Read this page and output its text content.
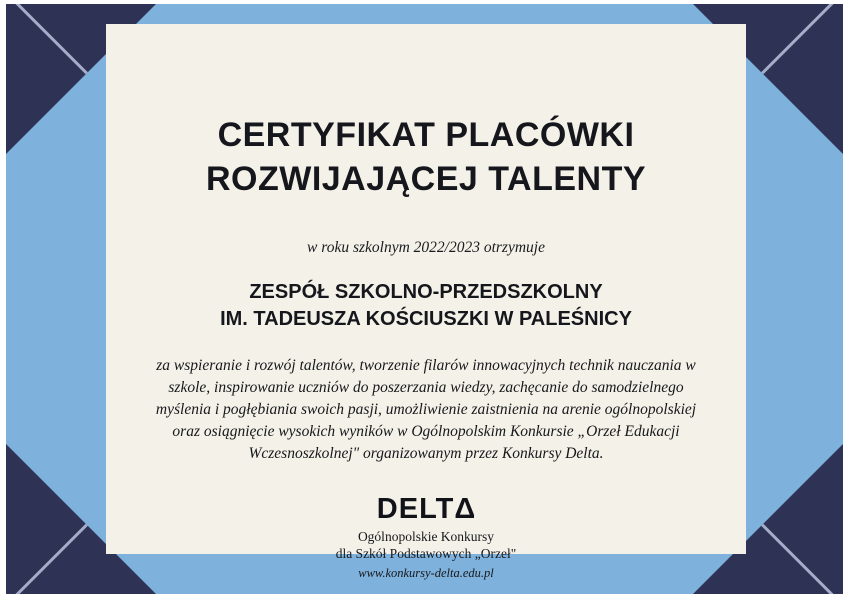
CERTYFIKAT PLACÓWKI
ROZWIJAJĄCEJ TALENTY
w roku szkolnym 2022/2023 otrzymuje
ZESPÓŁ SZKOLNO-PRZEDSZKOLNY
IM. TADEUSZA KOŚCIUSZKI W PALEŚNICY
za wspieranie i rozwój talentów, tworzenie filarów innowacyjnych technik nauczania w szkole, inspirowanie uczniów do poszerzania wiedzy, zachęcanie do samodzielnego myślenia i pogłębiania swoich pasji, umożliwienie zaistnienia na arenie ogólnopolskiej oraz osiągnięcie wysokich wyników w Ogólnopolskim Konkursie „Orzeł Edukacji Wczesnoszkolnej" organizowanym przez Konkursy Delta.
DELTΔ
Ogólnopolskie Konkursy
dla Szkół Podstawowych „Orzeł"
www.konkursy-delta.edu.pl
